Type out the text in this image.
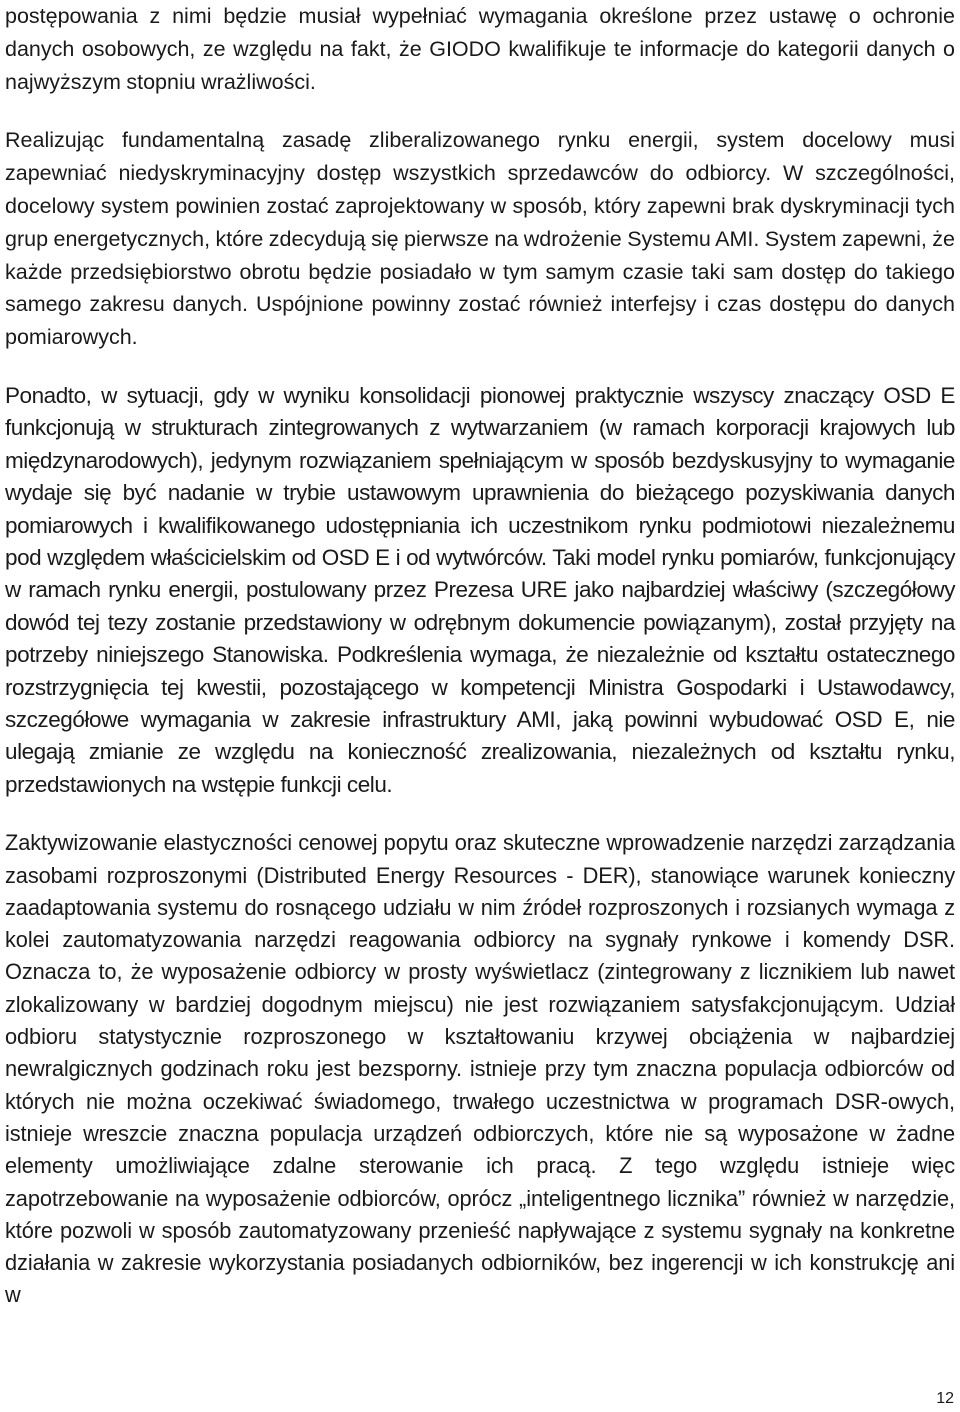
postępowania z nimi będzie musiał wypełniać wymagania określone przez ustawę o ochronie danych osobowych, ze względu na fakt, że GIODO kwalifikuje te informacje do kategorii danych o najwyższym stopniu wrażliwości.

Realizując fundamentalną zasadę zliberalizowanego rynku energii, system docelowy musi zapewniać niedyskryminacyjny dostęp wszystkich sprzedawców do odbiorcy. W szczególności, docelowy system powinien zostać zaprojektowany w sposób, który zapewni brak dyskryminacji tych grup energetycznych, które zdecydują się pierwsze na wdrożenie Systemu AMI. System zapewni, że każde przedsiębiorstwo obrotu będzie posiadało w tym samym czasie taki sam dostęp do takiego samego zakresu danych. Uspójnione powinny zostać również interfejsy i czas dostępu do danych pomiarowych.

Ponadto, w sytuacji, gdy w wyniku konsolidacji pionowej praktycznie wszyscy znaczący OSD E funkcjonują w strukturach zintegrowanych z wytwarzaniem (w ramach korporacji krajowych lub międzynarodowych), jedynym rozwiązaniem spełniającym w sposób bezdyskusyjny to wymaganie wydaje się być nadanie w trybie ustawowym uprawnienia do bieżącego pozyskiwania danych pomiarowych i kwalifikowanego udostępniania ich uczestnikom rynku podmiotowi niezależnemu pod względem właścicielskim od OSD E i od wytwórców. Taki model rynku pomiarów, funkcjonujący w ramach rynku energii, postulowany przez Prezesa URE jako najbardziej właściwy (szczegółowy dowód tej tezy zostanie przedstawiony w odrębnym dokumencie powiązanym), został przyjęty na potrzeby niniejszego Stanowiska. Podkreślenia wymaga, że niezależnie od kształtu ostatecznego rozstrzygnięcia tej kwestii, pozostającego w kompetencji Ministra Gospodarki i Ustawodawcy, szczegółowe wymagania w zakresie infrastruktury AMI, jaką powinni wybudować OSD E, nie ulegają zmianie ze względu na konieczność zrealizowania, niezależnych od kształtu rynku, przedstawionych na wstępie funkcji celu.

Zaktywizowanie elastyczności cenowej popytu oraz skuteczne wprowadzenie narzędzi zarządzania zasobami rozproszonymi (Distributed Energy Resources - DER), stanowiące warunek konieczny zaadaptowania systemu do rosnącego udziału w nim źródeł rozproszonych i rozsianych wymaga z kolei zautomatyzowania narzędzi reagowania odbiorcy na sygnały rynkowe i komendy DSR. Oznacza to, że wyposażenie odbiorcy w prosty wyświetlacz (zintegrowany z licznikiem lub nawet zlokalizowany w bardziej dogodnym miejscu) nie jest rozwiązaniem satysfakcjonującym. Udział odbioru statystycznie rozproszonego w kształtowaniu krzywej obciążenia w najbardziej newralgicznych godzinach roku jest bezsporny. istnieje przy tym znaczna populacja odbiorców od których nie można oczekiwać świadomego, trwałego uczestnictwa w programach DSR-owych, istnieje wreszcie znaczna populacja urządzeń odbiorczych, które nie są wyposażone w żadne elementy umożliwiające zdalne sterowanie ich pracą. Z tego względu istnieje więc zapotrzebowanie na wyposażenie odbiorców, oprócz „inteligentnego licznika” również w narzędzie, które pozwoli w sposób zautomatyzowany przenieść napływające z systemu sygnały na konkretne działania w zakresie wykorzystania posiadanych odbiorników, bez ingerencji w ich konstrukcję ani w

12
